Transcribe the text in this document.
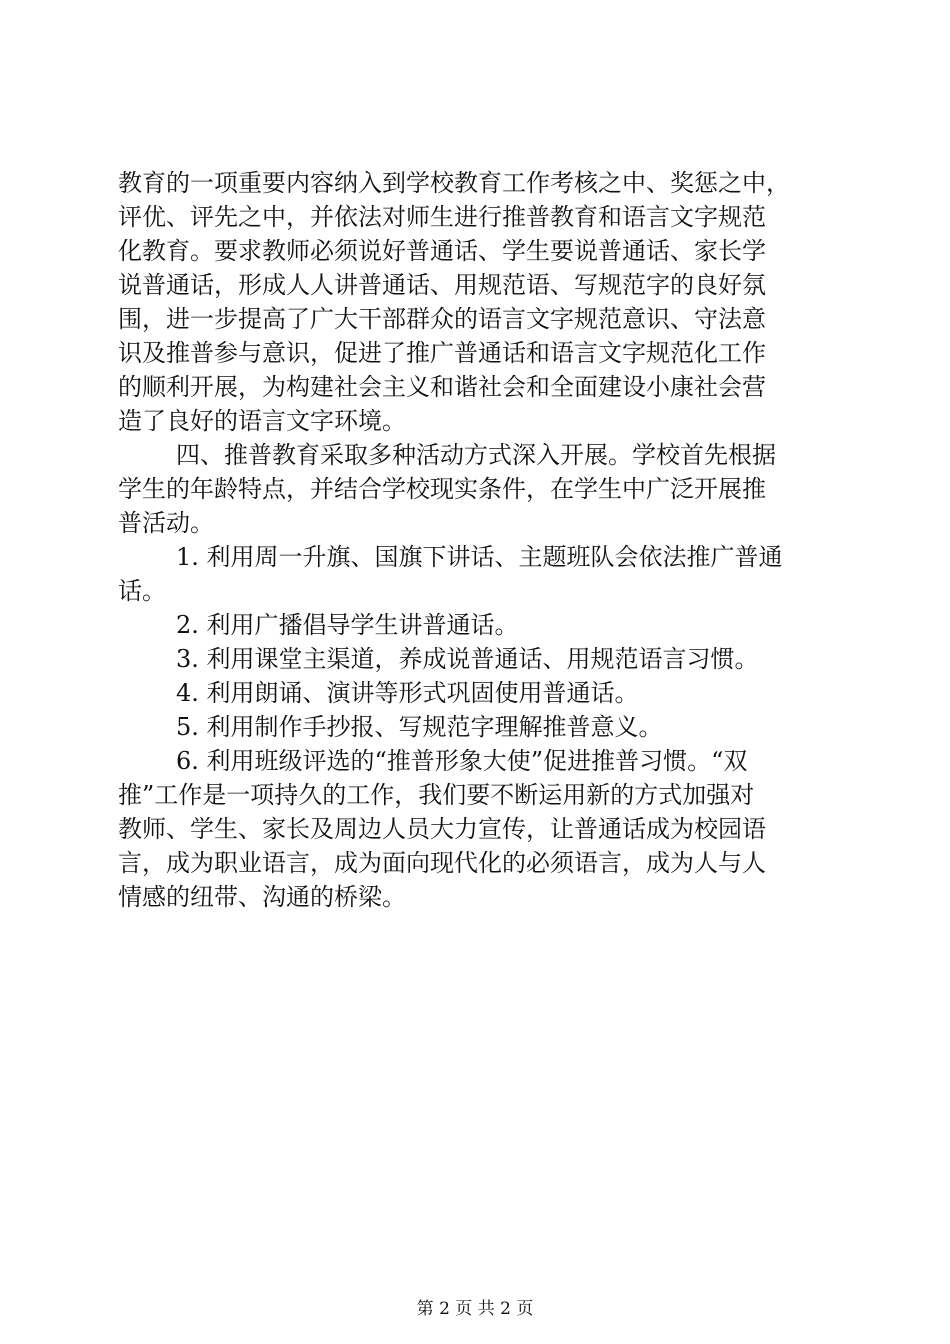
教育的一项重要内容纳入到学校教育工作考核之中、奖惩之中，
评优、评先之中，并依法对师生进行推普教育和语言文字规范
化教育。要求教师必须说好普通话、学生要说普通话、家长学
说普通话，形成人人讲普通话、用规范语、写规范字的良好氛
围，进一步提高了广大干部群众的语言文字规范意识、守法意
识及推普参与意识，促进了推广普通话和语言文字规范化工作
的顺利开展，为构建社会主义和谐社会和全面建设小康社会营
造了良好的语言文字环境。
四、推普教育采取多种活动方式深入开展。学校首先根据
学生的年龄特点，并结合学校现实条件，在学生中广泛开展推
普活动。
1. 利用周一升旗、国旗下讲话、主题班队会依法推广普通
话。
2. 利用广播倡导学生讲普通话。
3. 利用课堂主渠道，养成说普通话、用规范语言习惯。
4. 利用朗诵、演讲等形式巩固使用普通话。
5. 利用制作手抄报、写规范字理解推普意义。
6. 利用班级评选的“推普形象大使”促进推普习惯。“双
推”工作是一项持久的工作，我们要不断运用新的方式加强对
教师、学生、家长及周边人员大力宣传，让普通话成为校园语
言，成为职业语言，成为面向现代化的必须语言，成为人与人
情感的纽带、沟通的桥梁。
第 2 页 共 2 页
